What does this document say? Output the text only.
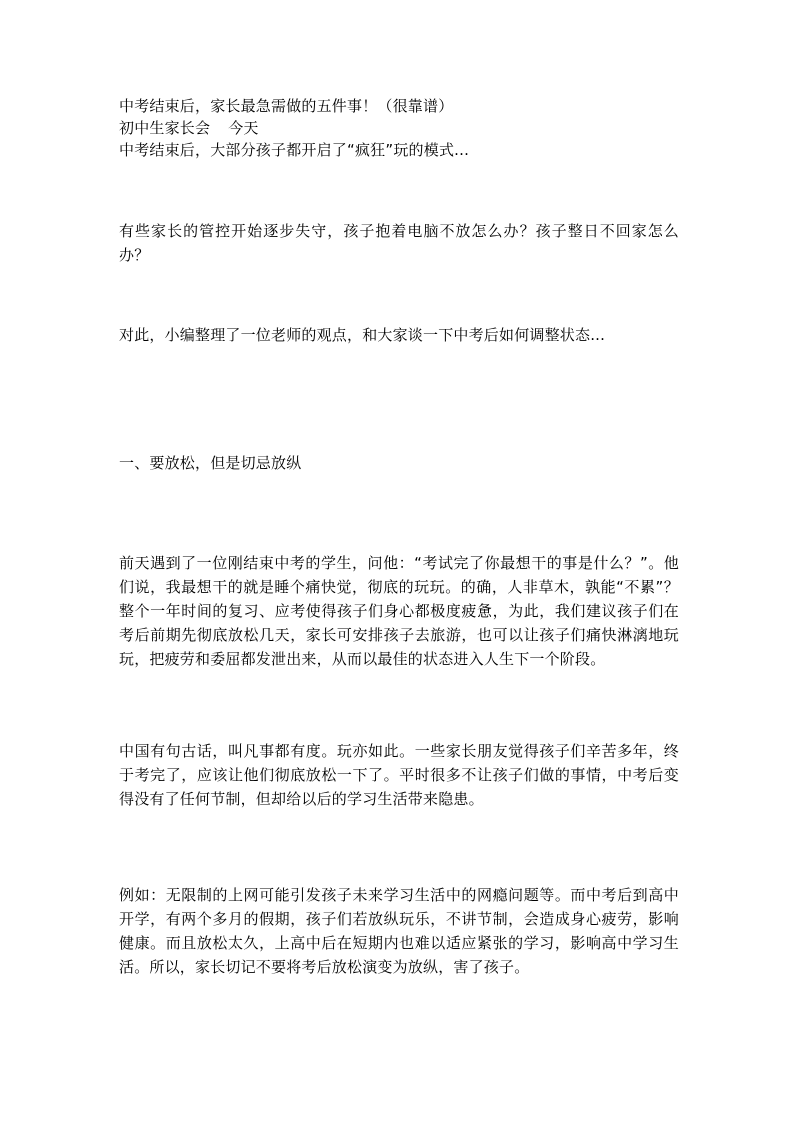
中考结束后，家长最急需做的五件事！（很靠谱）
初中生家长会 今天
中考结束后，大部分孩子都开启了“疯狂”玩的模式...
有些家长的管控开始逐步失守，孩子抱着电脑不放怎么办？孩子整日不回家怎么办？
对此，小编整理了一位老师的观点，和大家谈一下中考后如何调整状态...
一、要放松，但是切忌放纵
前天遇到了一位刚结束中考的学生，问他：“考试完了你最想干的事是什么？”。他们说，我最想干的就是睡个痛快觉，彻底的玩玩。的确，人非草木，孰能“不累”？整个一年时间的复习、应考使得孩子们身心都极度疲惫，为此，我们建议孩子们在考后前期先彻底放松几天，家长可安排孩子去旅游，也可以让孩子们痛快淋漓地玩玩，把疲劳和委屈都发泄出来，从而以最佳的状态进入人生下一个阶段。
中国有句古话，叫凡事都有度。玩亦如此。一些家长朋友觉得孩子们辛苦多年，终于考完了，应该让他们彻底放松一下了。平时很多不让孩子们做的事情，中考后变得没有了任何节制，但却给以后的学习生活带来隐患。
例如：无限制的上网可能引发孩子未来学习生活中的网瘾问题等。而中考后到高中开学，有两个多月的假期，孩子们若放纵玩乐，不讲节制，会造成身心疲劳，影响健康。而且放松太久，上高中后在短期内也难以适应紧张的学习，影响高中学习生活。所以，家长切记不要将考后放松演变为放纵，害了孩子。
